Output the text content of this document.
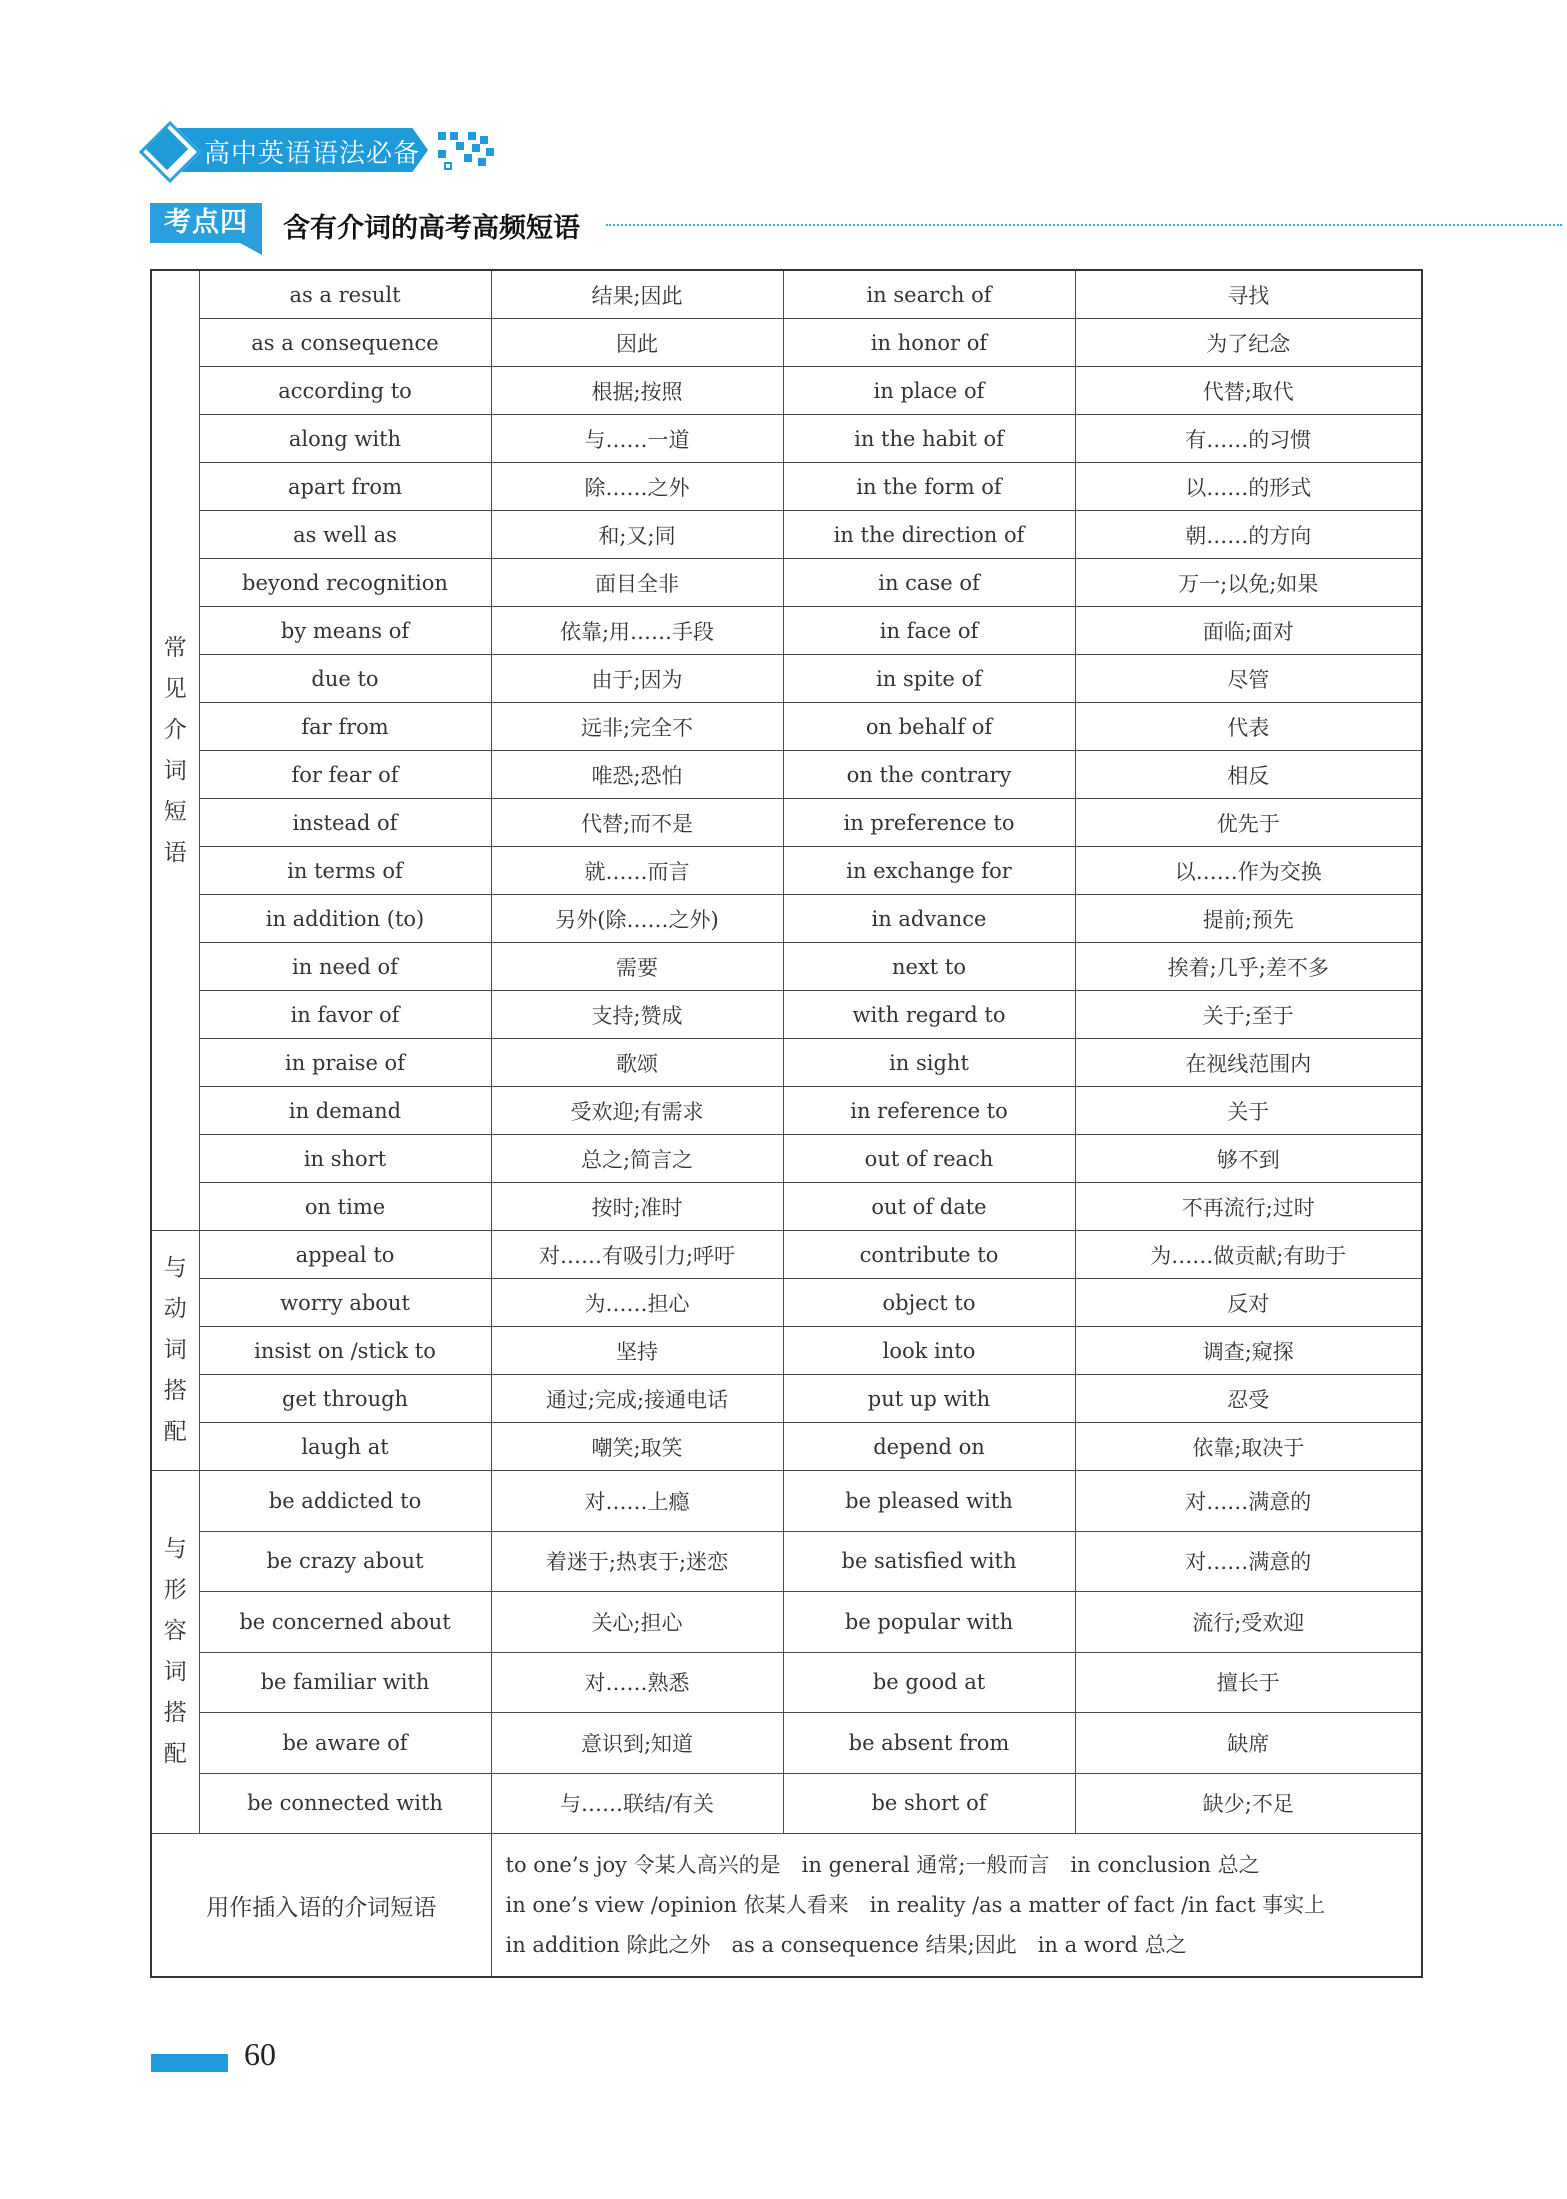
高中英语语法必备
考点四	含有介词的高考高频短语
常见介词短语	as a result	结果;因此	in search of	寻找
	as a consequence	因此	in honor of	为了纪念
	according to	根据;按照	in place of	代替;取代
	along with	与……一道	in the habit of	有……的习惯
	apart from	除……之外	in the form of	以……的形式
	as well as	和;又;同	in the direction of	朝……的方向
	beyond recognition	面目全非	in case of	万一;以免;如果
	by means of	依靠;用……手段	in face of	面临;面对
	due to	由于;因为	in spite of	尽管
	far from	远非;完全不	on behalf of	代表
	for fear of	唯恐;恐怕	on the contrary	相反
	instead of	代替;而不是	in preference to	优先于
	in terms of	就……而言	in exchange for	以……作为交换
	in addition (to)	另外(除……之外)	in advance	提前;预先
	in need of	需要	next to	挨着;几乎;差不多
	in favor of	支持;赞成	with regard to	关于;至于
	in praise of	歌颂	in sight	在视线范围内
	in demand	受欢迎;有需求	in reference to	关于
	in short	总之;简言之	out of reach	够不到
	on time	按时;准时	out of date	不再流行;过时
与动词搭配	appeal to	对……有吸引力;呼吁	contribute to	为……做贡献;有助于
	worry about	为……担心	object to	反对
	insist on /stick to	坚持	look into	调查;窥探
	get through	通过;完成;接通电话	put up with	忍受
	laugh at	嘲笑;取笑	depend on	依靠;取决于
与形容词搭配	be addicted to	对……上瘾	be pleased with	对……满意的
	be crazy about	着迷于;热衷于;迷恋	be satisfied with	对……满意的
	be concerned about	关心;担心	be popular with	流行;受欢迎
	be familiar with	对……熟悉	be good at	擅长于
	be aware of	意识到;知道	be absent from	缺席
	be connected with	与……联结/有关	be short of	缺少;不足
用作插入语的介词短语		to one’s joy 令某人高兴的是　in general 通常;一般而言　in conclusion 总之
in one’s view /opinion 依某人看来　in reality /as a matter of fact /in fact 事实上
in addition 除此之外　as a consequence 结果;因此　in a word 总之		
60
